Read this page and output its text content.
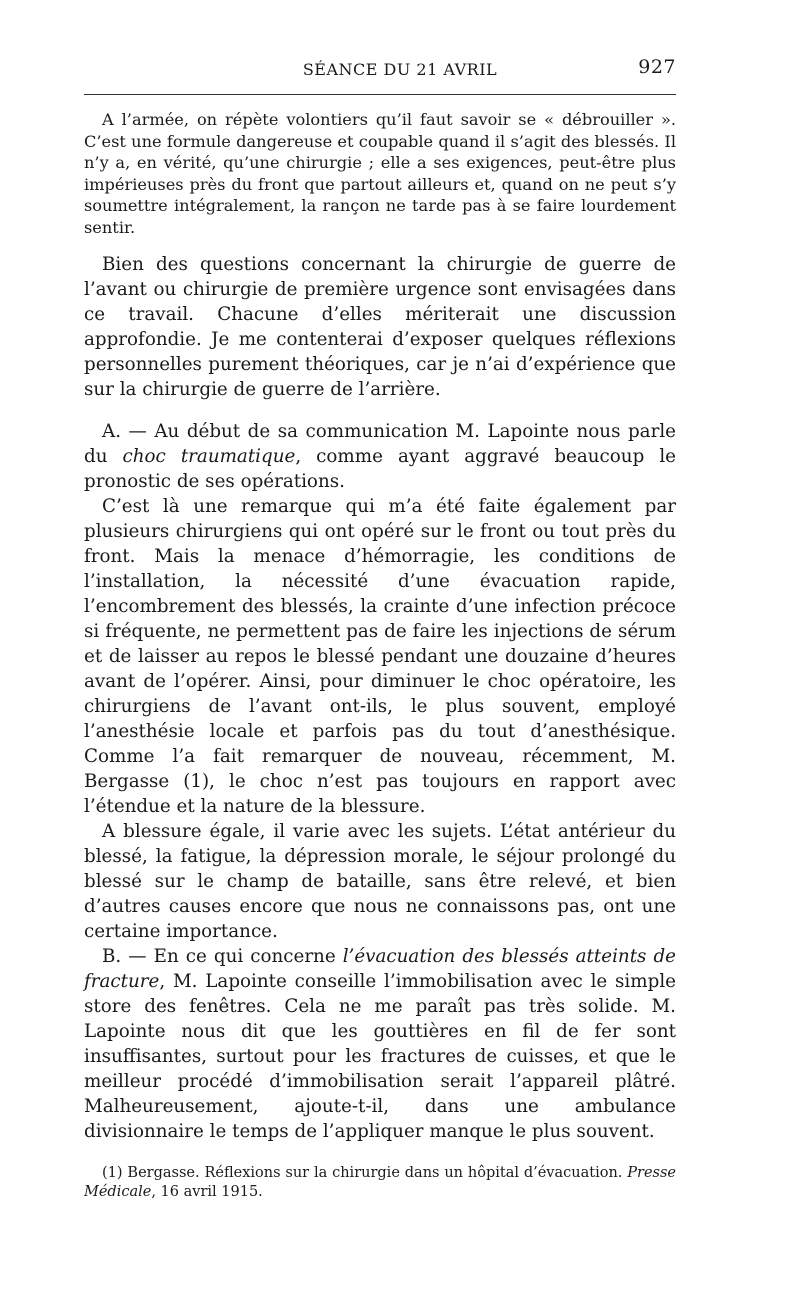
SÉANCE DU 21 AVRIL	927

A l’armée, on répète volontiers qu’il faut savoir se « débrouiller ». C’est une formule dangereuse et coupable quand il s’agit des blessés. Il n’y a, en vérité, qu’une chirurgie ; elle a ses exigences, peut-être plus impérieuses près du front que partout ailleurs et, quand on ne peut s’y soumettre intégralement, la rançon ne tarde pas à se faire lourdement sentir.

Bien des questions concernant la chirurgie de guerre de l’avant ou chirurgie de première urgence sont envisagées dans ce travail. Chacune d’elles mériterait une discussion approfondie. Je me contenterai d’exposer quelques réflexions personnelles purement théoriques, car je n’ai d’expérience que sur la chirurgie de guerre de l’arrière.

A. — Au début de sa communication M. Lapointe nous parle du choc traumatique, comme ayant aggravé beaucoup le pronostic de ses opérations.

C’est là une remarque qui m’a été faite également par plusieurs chirurgiens qui ont opéré sur le front ou tout près du front. Mais la menace d’hémorragie, les conditions de l’installation, la nécessité d’une évacuation rapide, l’encombrement des blessés, la crainte d’une infection précoce si fréquente, ne permettent pas de faire les injections de sérum et de laisser au repos le blessé pendant une douzaine d’heures avant de l’opérer. Ainsi, pour diminuer le choc opératoire, les chirurgiens de l’avant ont-ils, le plus souvent, employé l’anesthésie locale et parfois pas du tout d’anesthésique. Comme l’a fait remarquer de nouveau, récemment, M. Bergasse (1), le choc n’est pas toujours en rapport avec l’étendue et la nature de la blessure.

A blessure égale, il varie avec les sujets. L’état antérieur du blessé, la fatigue, la dépression morale, le séjour prolongé du blessé sur le champ de bataille, sans être relevé, et bien d’autres causes encore que nous ne connaissons pas, ont une certaine importance.

B. — En ce qui concerne l’évacuation des blessés atteints de fracture, M. Lapointe conseille l’immobilisation avec le simple store des fenêtres. Cela ne me paraît pas très solide. M. Lapointe nous dit que les gouttières en fil de fer sont insuffisantes, surtout pour les fractures de cuisses, et que le meilleur procédé d’immobilisation serait l’appareil plâtré. Malheureusement, ajoute-t-il, dans une ambulance divisionnaire le temps de l’appliquer manque le plus souvent.

(1) Bergasse. Réflexions sur la chirurgie dans un hôpital d’évacuation. Presse Médicale, 16 avril 1915.
